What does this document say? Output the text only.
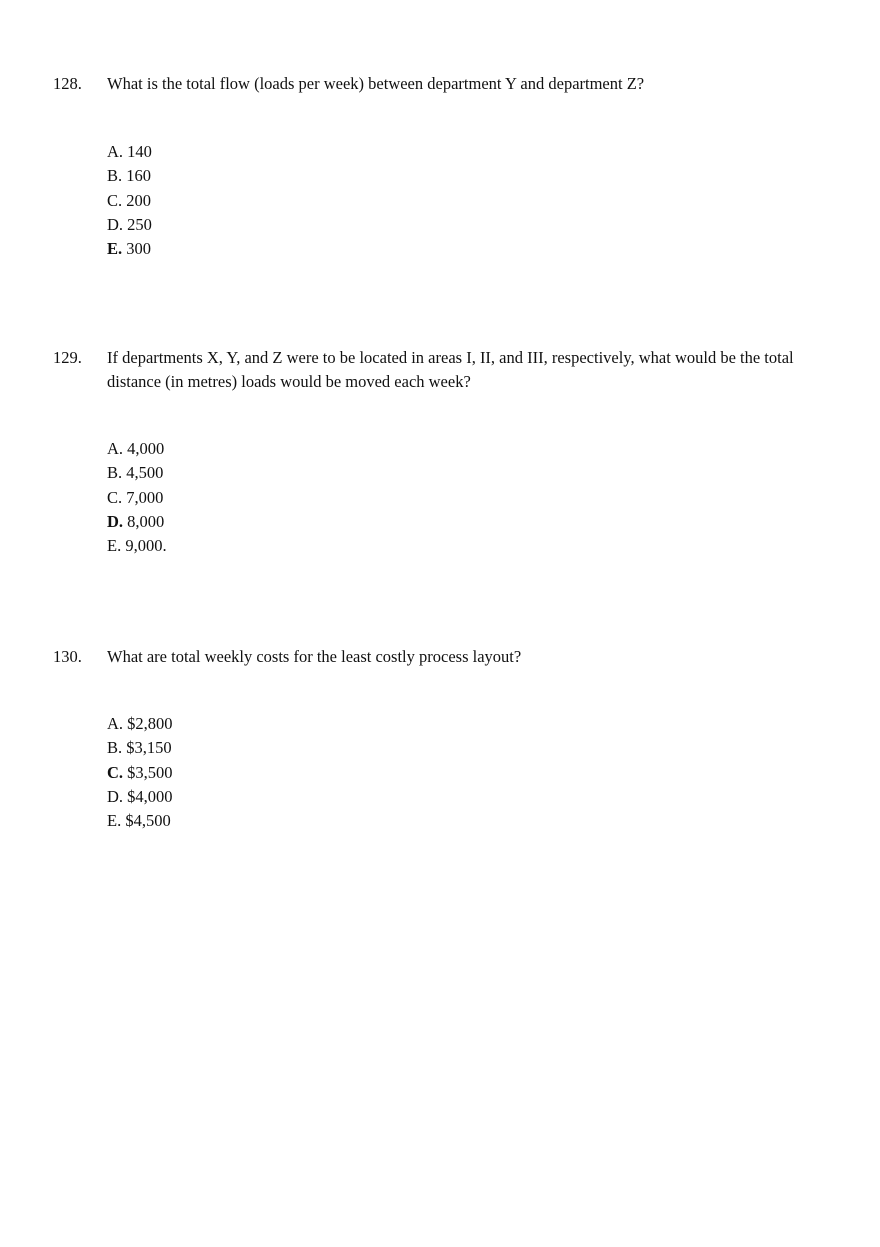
128.	What is the total flow (loads per week) between department Y and department Z?
A. 140
B. 160
C. 200
D. 250
E. 300
129.	If departments X, Y, and Z were to be located in areas I, II, and III, respectively, what would be the total distance (in metres) loads would be moved each week?
A. 4,000
B. 4,500
C. 7,000
D. 8,000
E. 9,000.
130.	What are total weekly costs for the least costly process layout?
A. $2,800
B. $3,150
C. $3,500
D. $4,000
E. $4,500
